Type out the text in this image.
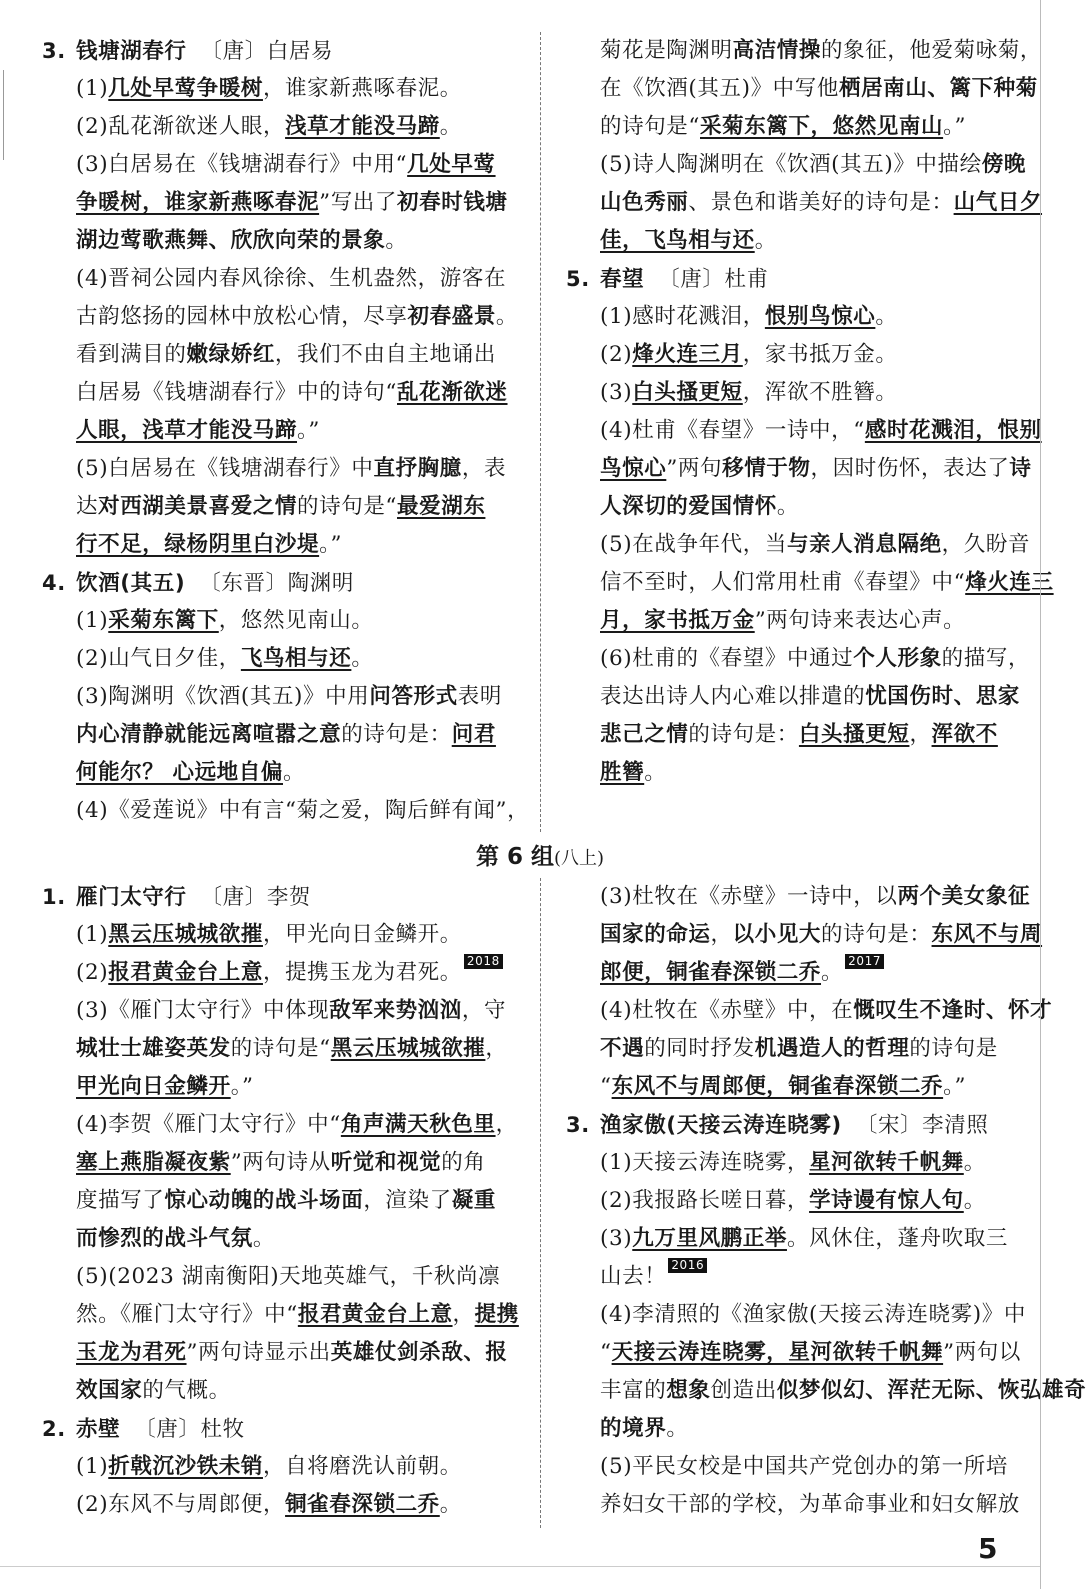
3. 钱塘湖春行 〔唐〕白居易
(1)几处早莺争暖树，谁家新燕啄春泥。
(2)乱花渐欲迷人眼，浅草才能没马蹄。
(3)白居易在《钱塘湖春行》中用“几处早莺
争暖树，谁家新燕啄春泥”写出了初春时钱塘
湖边莺歌燕舞、欣欣向荣的景象。
(4)晋祠公园内春风徐徐、生机盎然，游客在
古韵悠扬的园林中放松心情，尽享初春盛景。
看到满目的嫩绿娇红，我们不由自主地诵出
白居易《钱塘湖春行》中的诗句“乱花渐欲迷
人眼，浅草才能没马蹄。”
(5)白居易在《钱塘湖春行》中直抒胸臆，表
达对西湖美景喜爱之情的诗句是“最爱湖东
行不足，绿杨阴里白沙堤。”
4. 饮酒(其五) 〔东晋〕陶渊明
(1)采菊东篱下，悠然见南山。
(2)山气日夕佳，飞鸟相与还。
(3)陶渊明《饮酒(其五)》中用问答形式表明
内心清静就能远离喧嚣之意的诗句是：问君
何能尔？ 心远地自偏。
(4)《爱莲说》中有言“菊之爱，陶后鲜有闻”，
菊花是陶渊明高洁情操的象征，他爱菊咏菊，
在《饮酒(其五)》中写他栖居南山、篱下种菊
的诗句是“采菊东篱下，悠然见南山。”
(5)诗人陶渊明在《饮酒(其五)》中描绘傍晚
山色秀丽、景色和谐美好的诗句是：山气日夕
佳，飞鸟相与还。
5. 春望 〔唐〕杜甫
(1)感时花溅泪，恨别鸟惊心。
(2)烽火连三月，家书抵万金。
(3)白头搔更短，浑欲不胜簪。
(4)杜甫《春望》一诗中，“感时花溅泪，恨别
鸟惊心”两句移情于物，因时伤怀，表达了诗
人深切的爱国情怀。
(5)在战争年代，当与亲人消息隔绝，久盼音
信不至时，人们常用杜甫《春望》中“烽火连三
月，家书抵万金”两句诗来表达心声。
(6)杜甫的《春望》中通过个人形象的描写，
表达出诗人内心难以排遣的忧国伤时、思家
悲己之情的诗句是：白头搔更短，浑欲不
胜簪。
第 6 组(八上)
1. 雁门太守行 〔唐〕李贺
(1)黑云压城城欲摧，甲光向日金鳞开。
(2)报君黄金台上意，提携玉龙为君死。 2018
(3)《雁门太守行》中体现敌军来势汹汹，守
城壮士雄姿英发的诗句是“黑云压城城欲摧，
甲光向日金鳞开。”
(4)李贺《雁门太守行》中“角声满天秋色里，
塞上燕脂凝夜紫”两句诗从听觉和视觉的角
度描写了惊心动魄的战斗场面，渲染了凝重
而惨烈的战斗气氛。
(5)(2023 湖南衡阳)天地英雄气，千秋尚凛
然。《雁门太守行》中“报君黄金台上意，提携
玉龙为君死”两句诗显示出英雄仗剑杀敌、报
效国家的气概。
2. 赤壁 〔唐〕杜牧
(1)折戟沉沙铁未销，自将磨洗认前朝。
(2)东风不与周郎便，铜雀春深锁二乔。
(3)杜牧在《赤壁》一诗中，以两个美女象征
国家的命运，以小见大的诗句是：东风不与周
郎便，铜雀春深锁二乔。 2017
(4)杜牧在《赤壁》中，在慨叹生不逢时、怀才
不遇的同时抒发机遇造人的哲理的诗句是
“东风不与周郎便，铜雀春深锁二乔。”
3. 渔家傲(天接云涛连晓雾) 〔宋〕李清照
(1)天接云涛连晓雾，星河欲转千帆舞。
(2)我报路长嗟日暮，学诗谩有惊人句。
(3)九万里风鹏正举。风休住，蓬舟吹取三
山去！ 2016
(4)李清照的《渔家傲(天接云涛连晓雾)》中
“天接云涛连晓雾，星河欲转千帆舞”两句以
丰富的想象创造出似梦似幻、浑茫无际、恢弘雄奇
的境界。
(5)平民女校是中国共产党创办的第一所培
养妇女干部的学校，为革命事业和妇女解放
5
